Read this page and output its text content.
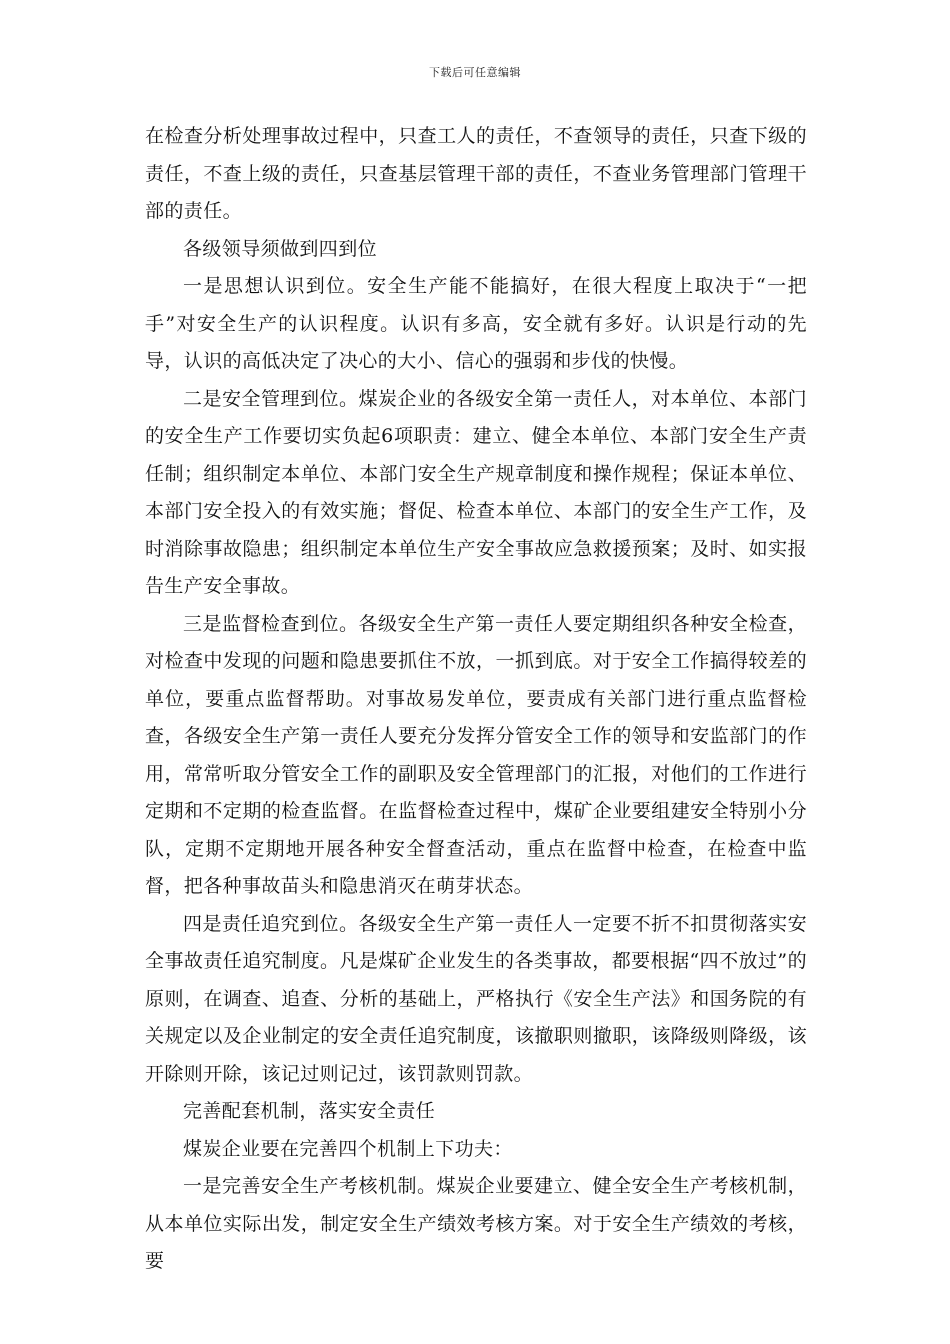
下载后可任意编辑

在检查分析处理事故过程中，只查工人的责任，不查领导的责任，只查下级的责任，不查上级的责任，只查基层管理干部的责任，不查业务管理部门管理干部的责任。

各级领导须做到四到位

一是思想认识到位。安全生产能不能搞好，在很大程度上取决于“一把手”对安全生产的认识程度。认识有多高，安全就有多好。认识是行动的先导，认识的高低决定了决心的大小、信心的强弱和步伐的快慢。

二是安全管理到位。煤炭企业的各级安全第一责任人，对本单位、本部门的安全生产工作要切实负起6项职责：建立、健全本单位、本部门安全生产责任制；组织制定本单位、本部门安全生产规章制度和操作规程；保证本单位、本部门安全投入的有效实施；督促、检查本单位、本部门的安全生产工作，及时消除事故隐患；组织制定本单位生产安全事故应急救援预案；及时、如实报告生产安全事故。

三是监督检查到位。各级安全生产第一责任人要定期组织各种安全检查，对检查中发现的问题和隐患要抓住不放，一抓到底。对于安全工作搞得较差的单位，要重点监督帮助。对事故易发单位，要责成有关部门进行重点监督检查，各级安全生产第一责任人要充分发挥分管安全工作的领导和安监部门的作用，常常听取分管安全工作的副职及安全管理部门的汇报，对他们的工作进行定期和不定期的检查监督。在监督检查过程中，煤矿企业要组建安全特别小分队，定期不定期地开展各种安全督查活动，重点在监督中检查，在检查中监督，把各种事故苗头和隐患消灭在萌芽状态。

四是责任追究到位。各级安全生产第一责任人一定要不折不扣贯彻落实安全事故责任追究制度。凡是煤矿企业发生的各类事故，都要根据“四不放过”的原则，在调查、追查、分析的基础上，严格执行《安全生产法》和国务院的有关规定以及企业制定的安全责任追究制度，该撤职则撤职，该降级则降级，该开除则开除，该记过则记过，该罚款则罚款。

完善配套机制，落实安全责任

煤炭企业要在完善四个机制上下功夫：

一是完善安全生产考核机制。煤炭企业要建立、健全安全生产考核机制，从本单位实际出发，制定安全生产绩效考核方案。对于安全生产绩效的考核，要
